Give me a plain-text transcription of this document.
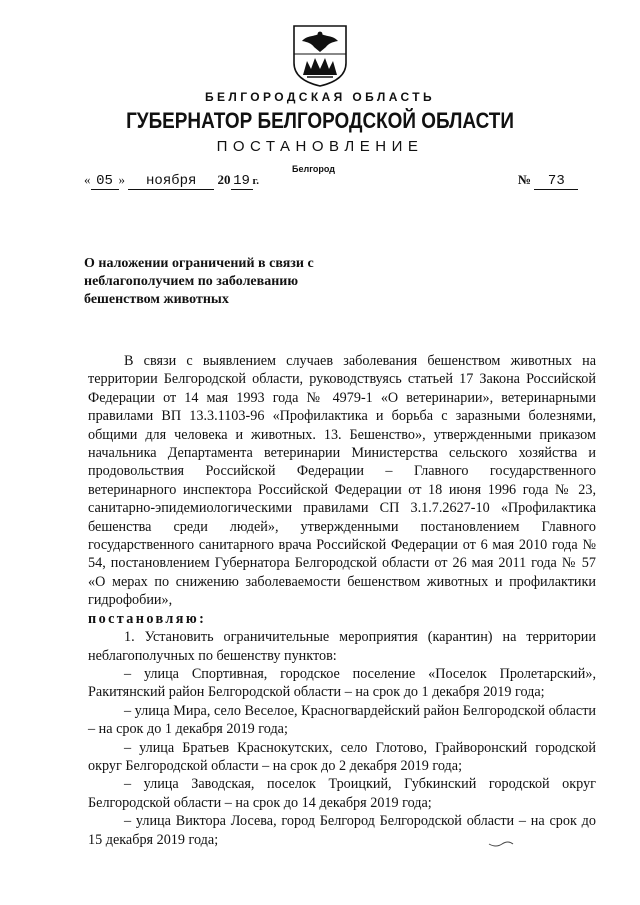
БЕЛГОРОДСКАЯ ОБЛАСТЬ
ГУБЕРНАТОР БЕЛГОРОДСКОЙ ОБЛАСТИ
ПОСТАНОВЛЕНИЕ
Белгород
« 05 » ноября 20 19 г.	№ 73
О наложении ограничений в связи с неблагополучием по заболеванию бешенством животных

В связи с выявлением случаев заболевания бешенством животных на территории Белгородской области, руководствуясь статьей 17 Закона Российской Федерации от 14 мая 1993 года № 4979-1 «О ветеринарии», ветеринарными правилами ВП 13.3.1103-96 «Профилактика и борьба с заразными болезнями, общими для человека и животных. 13. Бешенство», утвержденными приказом начальника Департамента ветеринарии Министерства сельского хозяйства и продовольствия Российской Федерации – Главного государственного ветеринарного инспектора Российской Федерации от 18 июня 1996 года № 23, санитарно-эпидемиологическими правилами СП 3.1.7.2627-10 «Профилактика бешенства среди людей», утвержденными постановлением Главного государственного санитарного врача Российской Федерации от 6 мая 2010 года № 54, постановлением Губернатора Белгородской области от 26 мая 2011 года № 57 «О мерах по снижению заболеваемости бешенством животных и профилактики гидрофобии»,

постановляю:

1. Установить ограничительные мероприятия (карантин) на территории неблагополучных по бешенству пунктов:

– улица Спортивная, городское поселение «Поселок Пролетарский», Ракитянский район Белгородской области – на срок до 1 декабря 2019 года;

– улица Мира, село Веселое, Красногвардейский район Белгородской области – на срок до 1 декабря 2019 года;

– улица Братьев Краснокутских, село Глотово, Грайворонский городской округ Белгородской области – на срок до 2 декабря 2019 года;

– улица Заводская, поселок Троицкий, Губкинский городской округ Белгородской области – на срок до 14 декабря 2019 года;

– улица Виктора Лосева, город Белгород Белгородской области – на срок до 15 декабря 2019 года;
